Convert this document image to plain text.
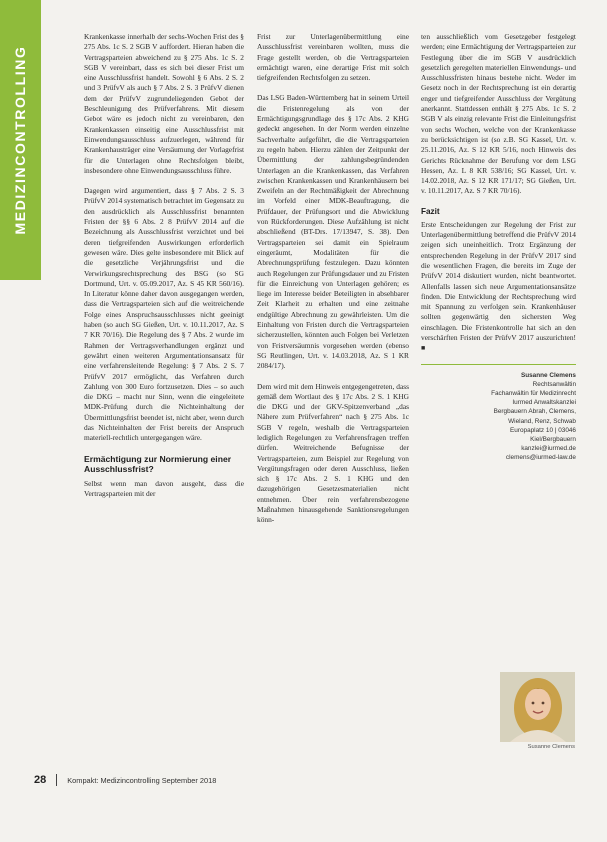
MEDIZINCONTROLLING

Krankenkasse innerhalb der sechs-Wochen Frist des § 275 Abs. 1c S. 2 SGB V auffordert. Hieran haben die Vertragsparteien abweichend zu § 275 Abs. 1c S. 2 SGB V vereinbart, dass es sich bei dieser Frist um eine Ausschlussfrist handelt. Sowohl § 6 Abs. 2 S. 2 und 3 PrüfvV als auch § 7 Abs. 2 S. 3 PrüfvV dienen dem der PrüfvV zugrundeliegenden Gebot der Beschleunigung des Prüfverfahrens. Mit diesem Gebot wäre es jedoch nicht zu vereinbaren, den Krankenkassen einseitig eine Ausschlussfrist mit Einwendungsausschluss aufzuerlegen, während für Krankenhausträger eine Versäumung der Vorlagefrist für die Unterlagen ohne Rechtsfolgen bleibt, insbesondere ohne Einwendungsausschluss führe.

Dagegen wird argumentiert, dass § 7 Abs. 2 S. 3 PrüfvV 2014 systematisch betrachtet im Gegensatz zu den ausdrücklich als Ausschlussfrist benannten Fristen der §§ 6 Abs. 2 8 PrüfvV 2014 auf die Bezeichnung als Ausschlussfrist verzichtet und bei deren tiefgreifenden Auswirkungen erforderlich gewesen wäre. Dies gelte insbesondere mit Blick auf die gesetzliche Verjährungsfrist und die Verwirkungsrechtsprechung des BSG (so SG Dortmund, Urt. v. 05.09.2017, Az. S 45 KR 560/16). In Literatur könne daher davon ausgegangen werden, dass die Vertragsparteien sich auf die weitreichende Folge eines Anspruchsausschlusses nicht geeinigt haben (so auch SG Gießen, Urt. v. 10.11.2017, Az. S 7 KR 70/16). Die Regelung des § 7 Abs. 2 wurde im Rahmen der Vertragsverhandlungen ergänzt und gewährt einen weiteren Argumentationsansatz für eine verfahrensleitende Regelung: § 7 Abs. 2 S. 7 PrüfvV 2017 ermöglicht, das Verfahren durch Zahlung von 300 Euro fortzusetzen. Dies – so auch die DKG – macht nur Sinn, wenn die eingeleitete MDK-Prüfung durch die Nichteinhaltung der Übermittlungsfrist beendet ist, nicht aber, wenn durch das Nichteinhalten der Frist bereits der Anspruch materiell-rechtlich untergegangen wäre.

Ermächtigung zur Normierung einer Ausschlussfrist?

Selbst wenn man davon ausgeht, dass die Vertragsparteien mit der

Frist zur Unterlagenübermittlung eine Ausschlussfrist vereinbaren wollten, muss die Frage gestellt werden, ob die Vertragsparteien ermächtigt waren, eine derartige Frist mit solch tiefgreifenden Rechtsfolgen zu setzen.

Das LSG Baden-Württemberg hat in seinem Urteil die Fristenregelung als von der Ermächtigungsgrundlage des § 17c Abs. 2 KHG gedeckt angesehen. In der Norm werden einzelne Sachverhalte aufgeführt, die die Vertragsparteien zu regeln haben. Hierzu zählen der Zeitpunkt der Übermittlung der zahlungsbegründenden Unterlagen an die Krankenkassen, das Verfahren zwischen Krankenkassen und Krankenhäusern bei Zweifeln an der Rechtmäßigkeit der Abrechnung im Vorfeld einer MDK-Beauftragung, die Prüfdauer, der Prüfungsort und die Abwicklung von Rückforderungen. Diese Aufzählung ist nicht abschließend (BT-Drs. 17/13947, S. 38). Den Vertragsparteien sei damit ein Spielraum eingeräumt, Modalitäten für die Abrechnungsprüfung festzulegen. Dazu könnten auch Regelungen zur Prüfungsdauer und zu Fristen für die Einreichung von Unterlagen gehören; es liege im Interesse beider Beteiligten in absehbarer Zeit Klarheit zu erhalten und eine zeitnahe endgültige Abrechnung zu gewährleisten. Um die Einhaltung von Fristen durch die Vertragsparteien sicherzustellen, könnten auch Folgen bei Verletzen von Fristversäumnis vorgesehen werden (ebenso SG Reutlingen, Urt. v. 14.03.2018, Az. S 1 KR 2084/17).

Dem wird mit dem Hinweis entgegengetreten, dass gemäß dem Wortlaut des § 17c Abs. 2 S. 1 KHG die DKG und der GKV-Spitzenverband „das Nähere zum Prüfverfahren“ nach § 275 Abs. 1c SGB V regeln, weshalb die Vertragsparteien lediglich Regelungen zu Verfahrensfragen treffen dürfen. Weitreichende Befugnisse der Vertragsparteien, zum Beispiel zur Regelung von Vergütungsfragen oder deren Ausschluss, ließen sich § 17c Abs. 2 S. 1 KHG und den dazugehörigen Gesetzesmaterialien nicht entnehmen. Über rein verfahrensbezogene Maßnahmen hinausgehende Sanktionsregelungen könn-

ten ausschließlich vom Gesetzgeber festgelegt werden; eine Ermächtigung der Vertragsparteien zur Festlegung über die im SGB V ausdrücklich gesetzlich geregelten materiellen Einwendungs- und Ausschlussfristen hinaus bestehe nicht. Weder im Gesetz noch in der Rechtsprechung ist ein derartig enger und tiefgreifender Ausschluss der Vergütung anerkannt. Stattdessen enthält § 275 Abs. 1c S. 2 SGB V als einzig relevante Frist die Einleitungsfrist von sechs Wochen, welche von der Krankenkasse zu berücksichtigen ist (so z.B. SG Kassel, Urt. v. 25.11.2016, Az. S 12 KR 5/16, noch Hinweis des Gerichts Rücknahme der Berufung vor dem LSG Hessen, Az. L 8 KR 538/16; SG Kassel, Urt. v. 14.02.2018, Az. S 12 KR 171/17; SG Gießen, Urt. v. 10.11.2017, Az. S 7 KR 70/16).

Fazit

Erste Entscheidungen zur Regelung der Frist zur Unterlagenübermittlung betreffend die PrüfvV 2014 zeigen sich uneinheitlich. Trotz Ergänzung der entsprechenden Regelung in der PrüfvV 2017 sind die wesentlichen Fragen, die bereits im Zuge der PrüfvV 2014 diskutiert wurden, nicht beantwortet. Allenfalls lassen sich neue Argumentationsansätze finden. Die Entwicklung der Rechtsprechung wird mit Spannung zu verfolgen sein. Krankenhäuser sollten gegenwärtig den sichersten Weg einschlagen. Die Fristenkontrolle hat sich an den verschärften Fristen der PrüfvV 2017 auszurichten! ■

Susanne Clemens
Rechtsanwältin
Fachanwältin für Medizinrecht
Iurmed Anwaltskanzlei
Bergbauern Abrah, Clemens,
Wieland, Renz, Schwab
Europaplatz 10 | 03046
Kiel/Bergbauern
kanzlei@iurmed.de
clemens@iurmed-law.de
Susanne Clemens
28	Kompakt: Medizincontrolling September 2018
